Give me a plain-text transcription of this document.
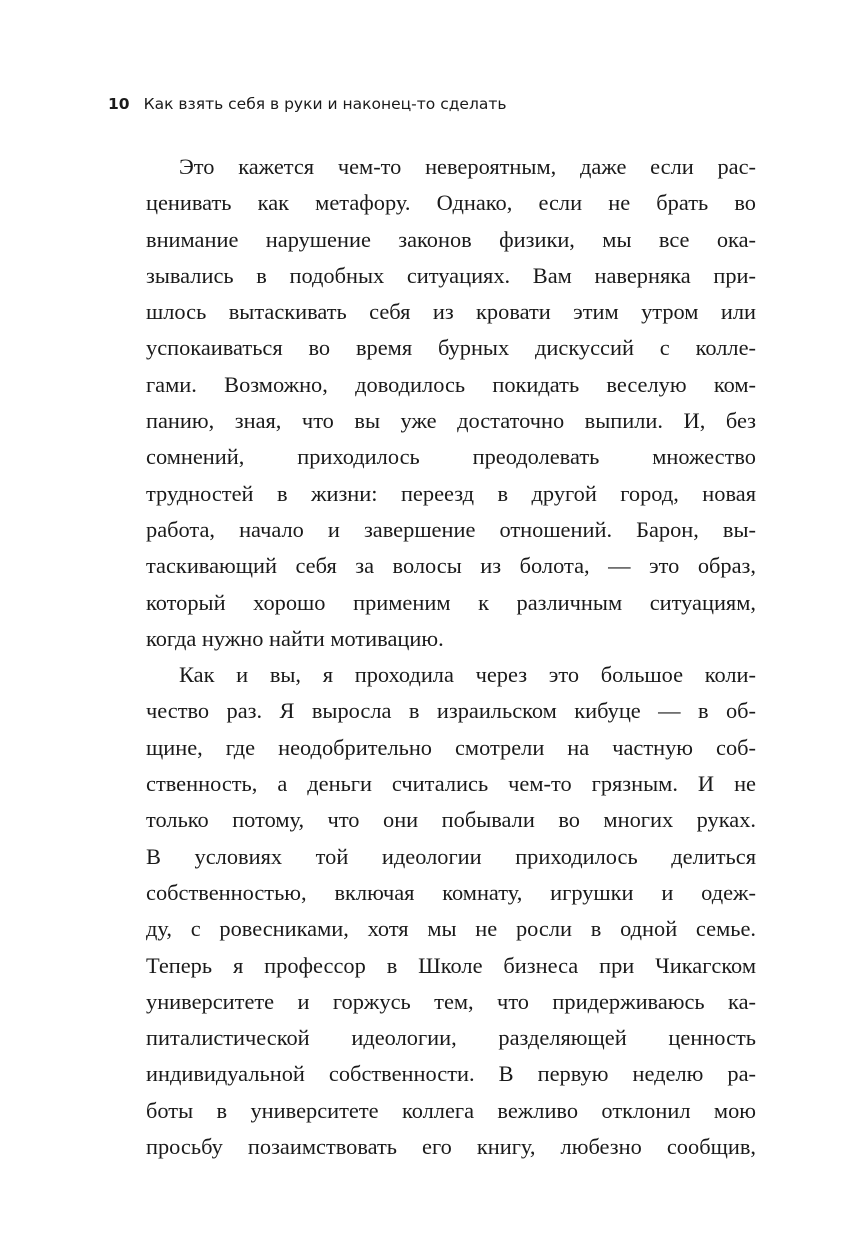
10 Как взять себя в руки и наконец-то сделать
Это кажется чем-то невероятным, даже если рас-
ценивать как метафору. Однако, если не брать во
внимание нарушение законов физики, мы все ока-
зывались в подобных ситуациях. Вам наверняка при-
шлось вытаскивать себя из кровати этим утром или
успокаиваться во время бурных дискуссий с колле-
гами. Возможно, доводилось покидать веселую ком-
панию, зная, что вы уже достаточно выпили. И, без
сомнений, приходилось преодолевать множество
трудностей в жизни: переезд в другой город, новая
работа, начало и завершение отношений. Барон, вы-
таскивающий себя за волосы из болота, — это образ,
который хорошо применим к различным ситуациям,
когда нужно найти мотивацию.
Как и вы, я проходила через это большое коли-
чество раз. Я выросла в израильском кибуце — в об-
щине, где неодобрительно смотрели на частную соб-
ственность, а деньги считались чем-то грязным. И не
только потому, что они побывали во многих руках.
В условиях той идеологии приходилось делиться
собственностью, включая комнату, игрушки и одеж-
ду, с ровесниками, хотя мы не росли в одной семье.
Теперь я профессор в Школе бизнеса при Чикагском
университете и горжусь тем, что придерживаюсь ка-
питалистической идеологии, разделяющей ценность
индивидуальной собственности. В первую неделю ра-
боты в университете коллега вежливо отклонил мою
просьбу позаимствовать его книгу, любезно сообщив,
